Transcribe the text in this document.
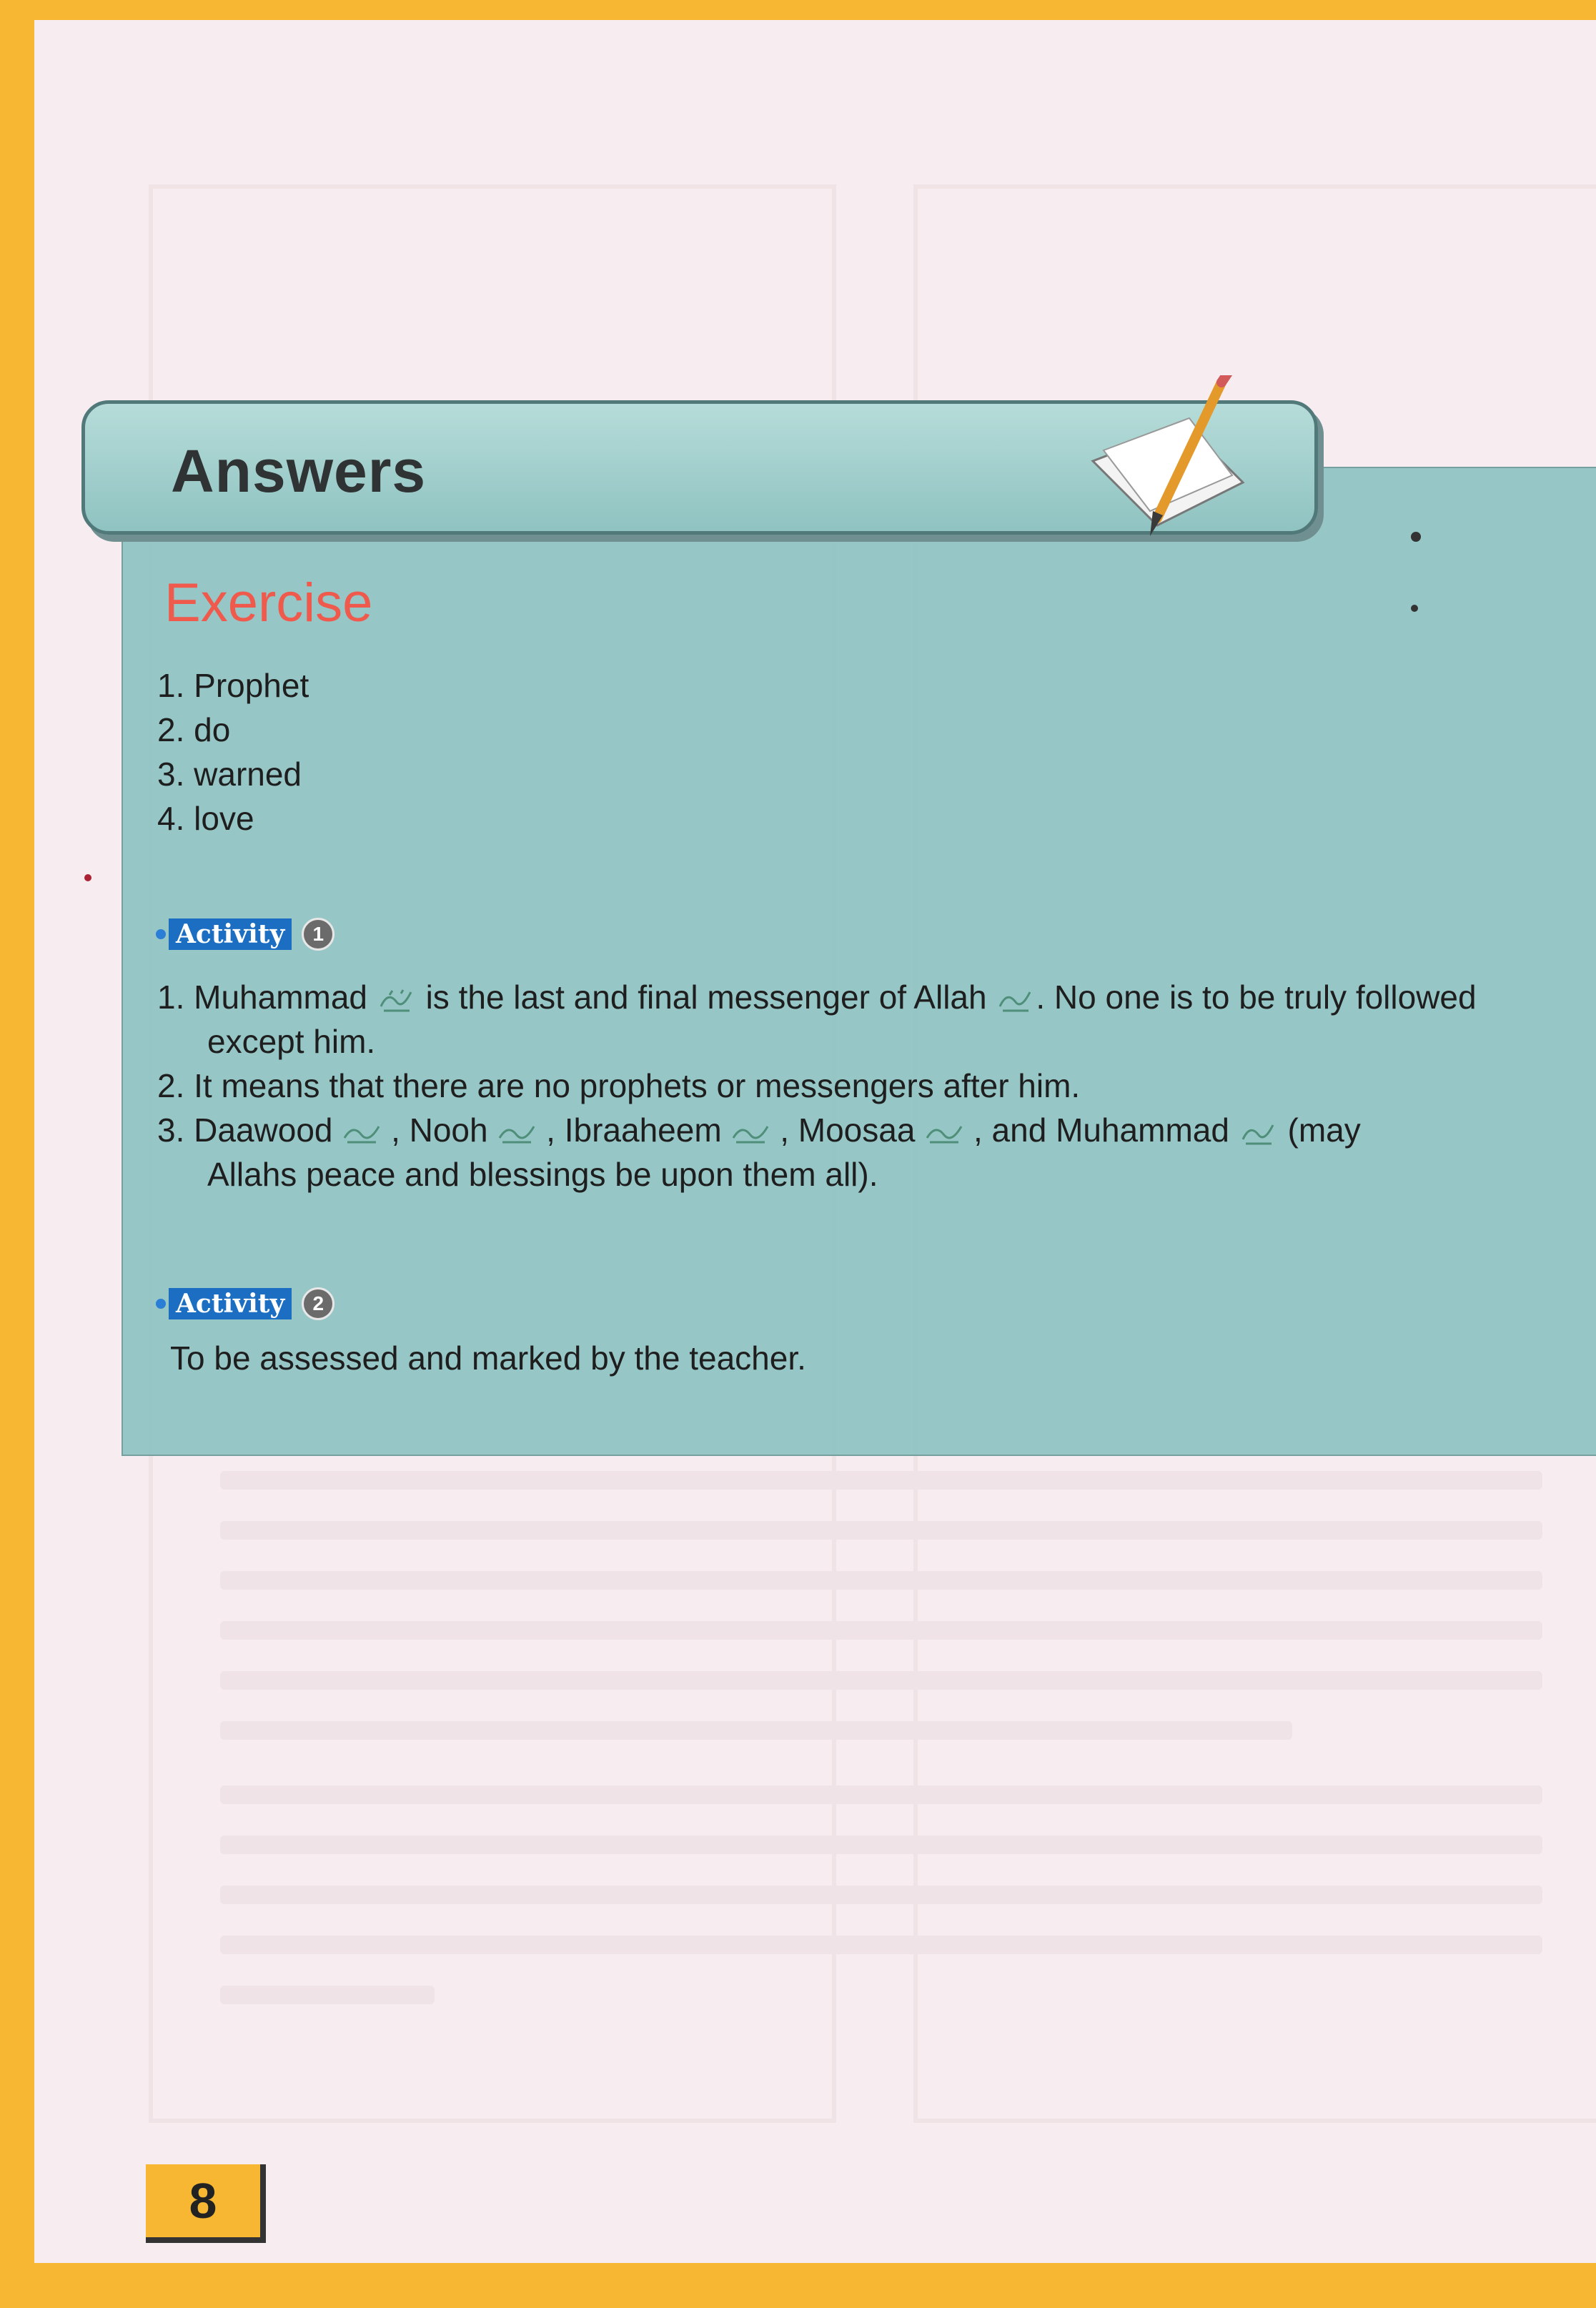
Answers
Exercise
1. Prophet
2. do
3. warned
4. love
Activity	1
1. Muhammad is the last and final messenger of Allah . No one is to be truly followed
except him.
2. It means that there are no prophets or messengers after him.
3. Daawood , Nooh , Ibraaheem , Moosaa , and Muhammad (may
Allahs peace and blessings be upon them all).
Activity	2
To be assessed and marked by the teacher.
8
